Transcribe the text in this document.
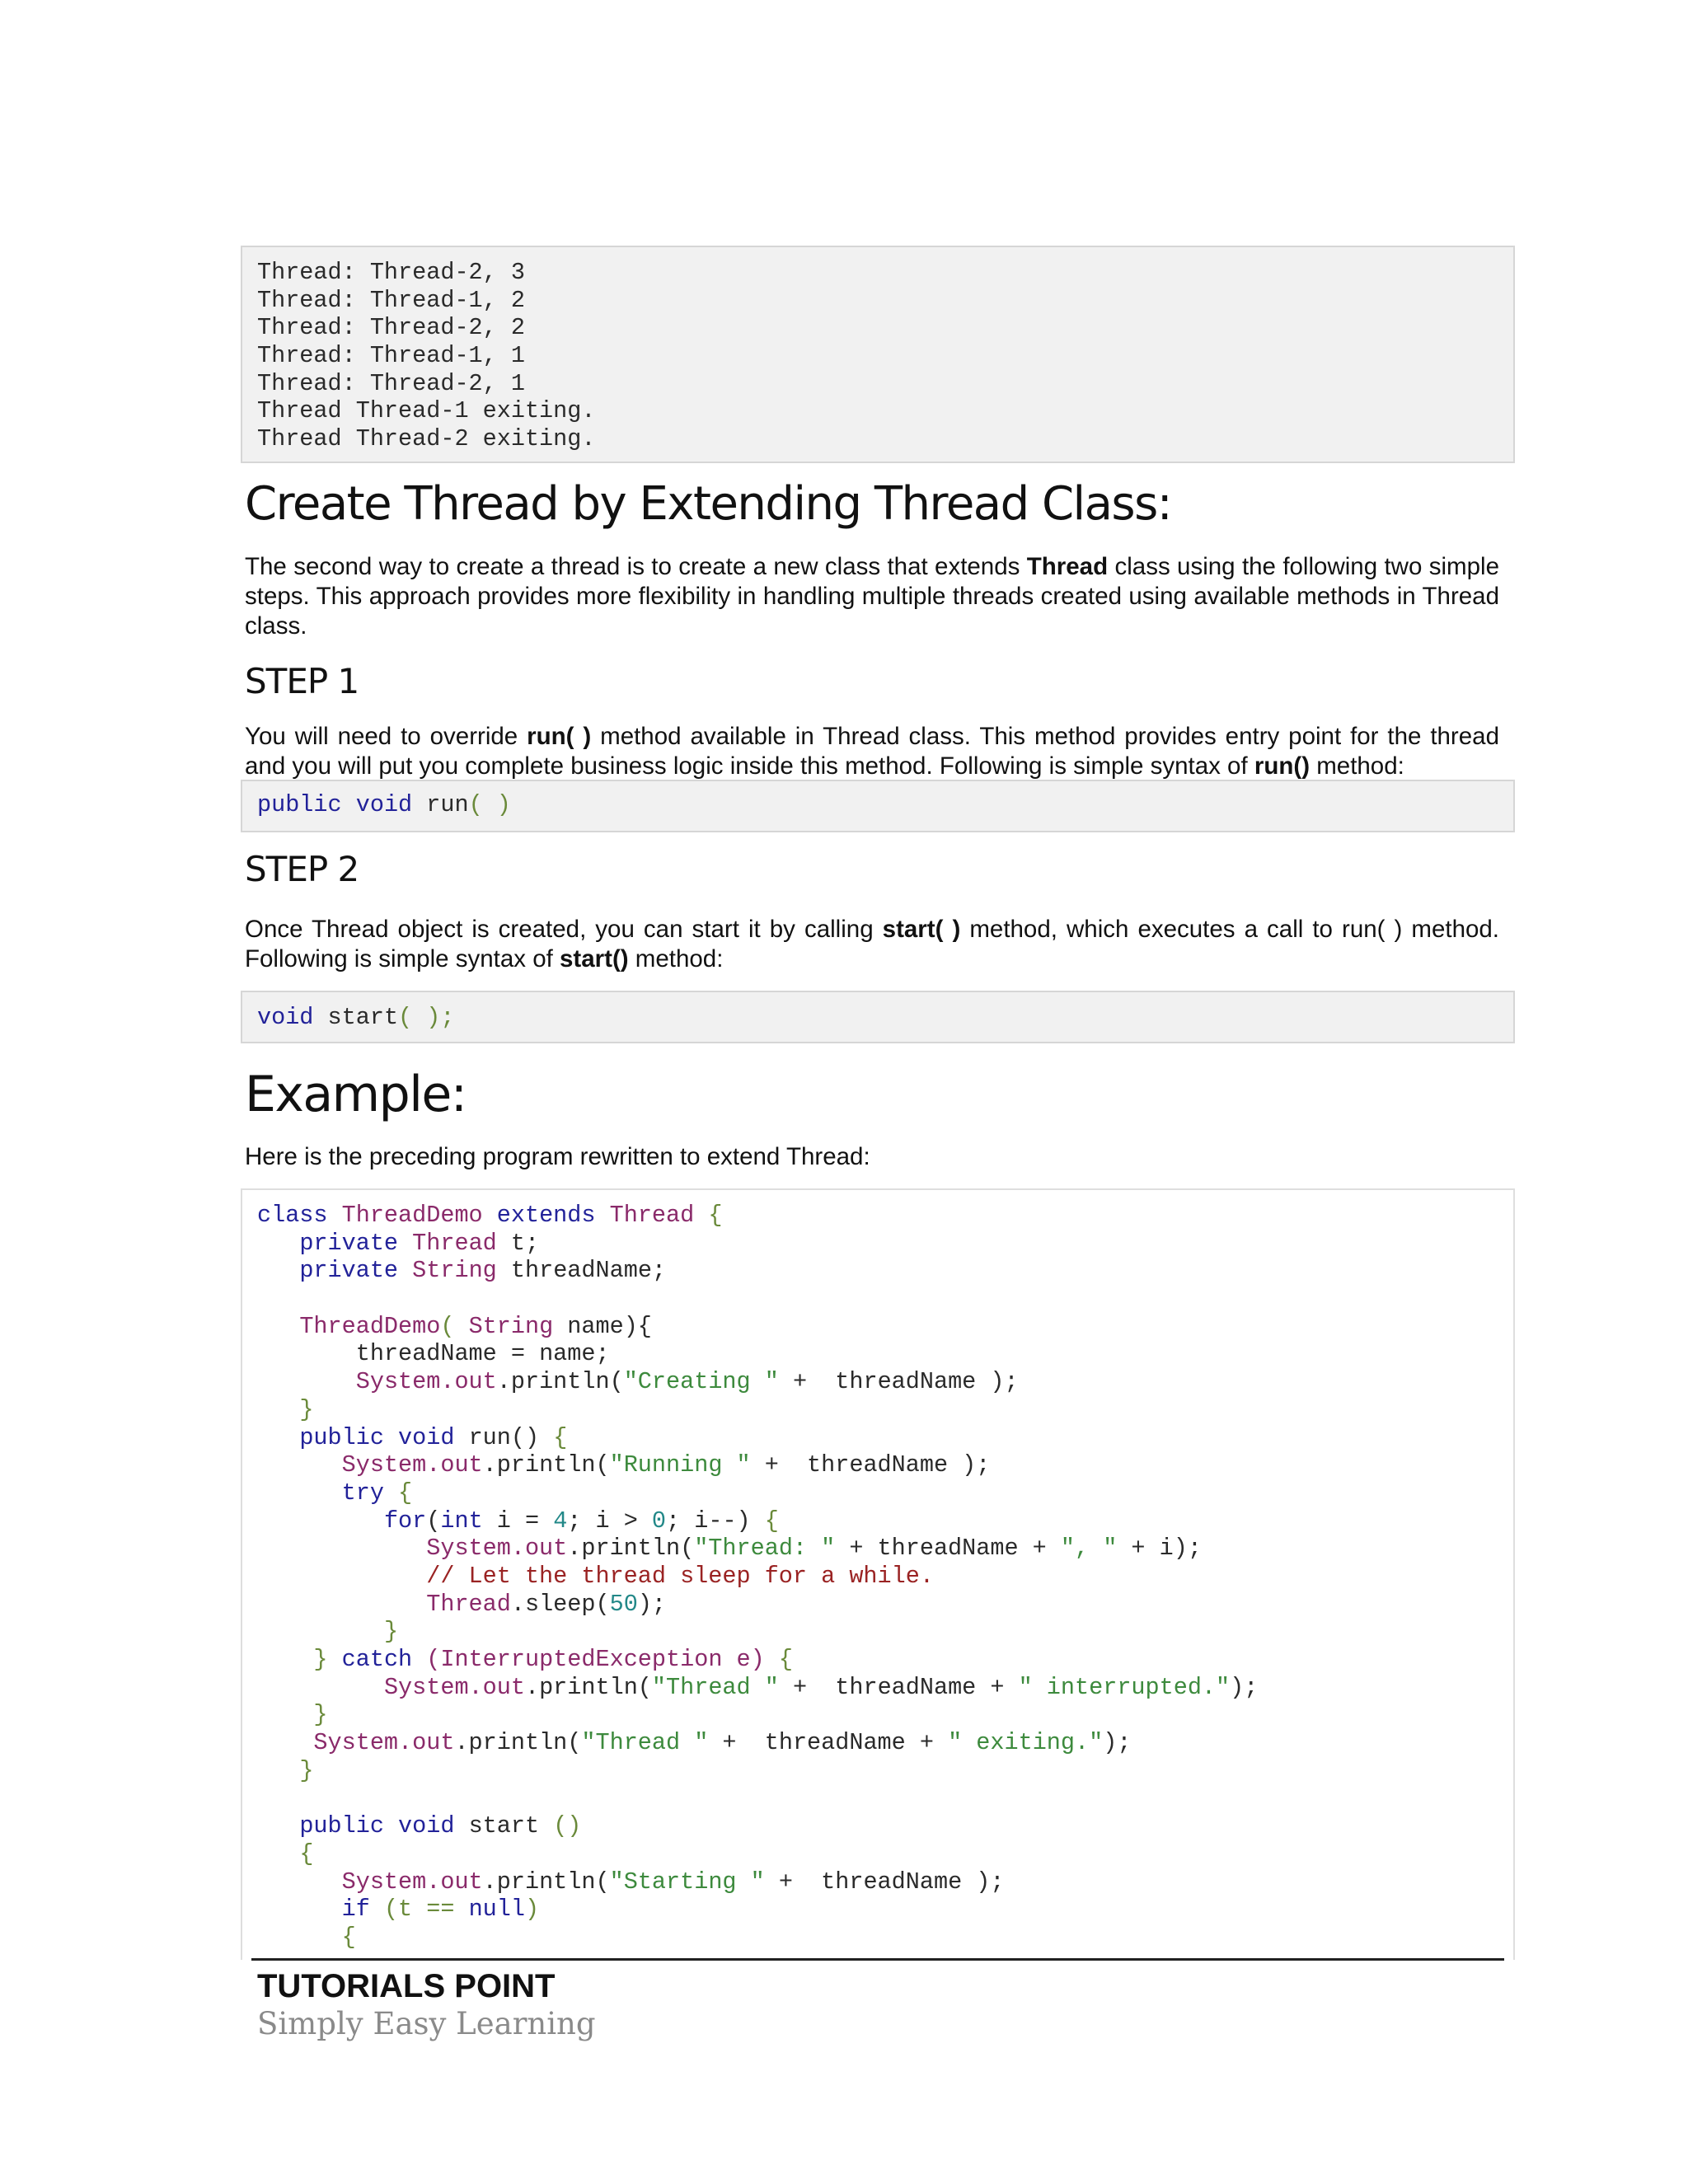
Thread: Thread-2, 3
Thread: Thread-1, 2
Thread: Thread-2, 2
Thread: Thread-1, 1
Thread: Thread-2, 1
Thread Thread-1 exiting.
Thread Thread-2 exiting.
Create Thread by Extending Thread Class:

The second way to create a thread is to create a new class that extends Thread class using the following two simple steps. This approach provides more flexibility in handling multiple threads created using available methods in Thread class.

STEP 1

You will need to override run( ) method available in Thread class. This method provides entry point for the thread and you will put you complete business logic inside this method. Following is simple syntax of run() method:

public void run( )
STEP 2

Once Thread object is created, you can start it by calling start( ) method, which executes a call to run( ) method. Following is simple syntax of start() method:

void start( );
Example:

Here is the preceding program rewritten to extend Thread:

class ThreadDemo extends Thread {
private Thread t;
private String threadName;

ThreadDemo( String name){
threadName = name;
System.out.println("Creating " +  threadName );
}
public void run() {
System.out.println("Running " +  threadName );
try {
for(int i = 4; i > 0; i--) {
System.out.println("Thread: " + threadName + ", " + i);
// Let the thread sleep for a while.
Thread.sleep(50);
}
} catch (InterruptedException e) {
System.out.println("Thread " +  threadName + " interrupted.");
}
System.out.println("Thread " +  threadName + " exiting.");
}

public void start ()
{
System.out.println("Starting " +  threadName );
if (t == null)
{

TUTORIALS POINT

Simply Easy Learning
